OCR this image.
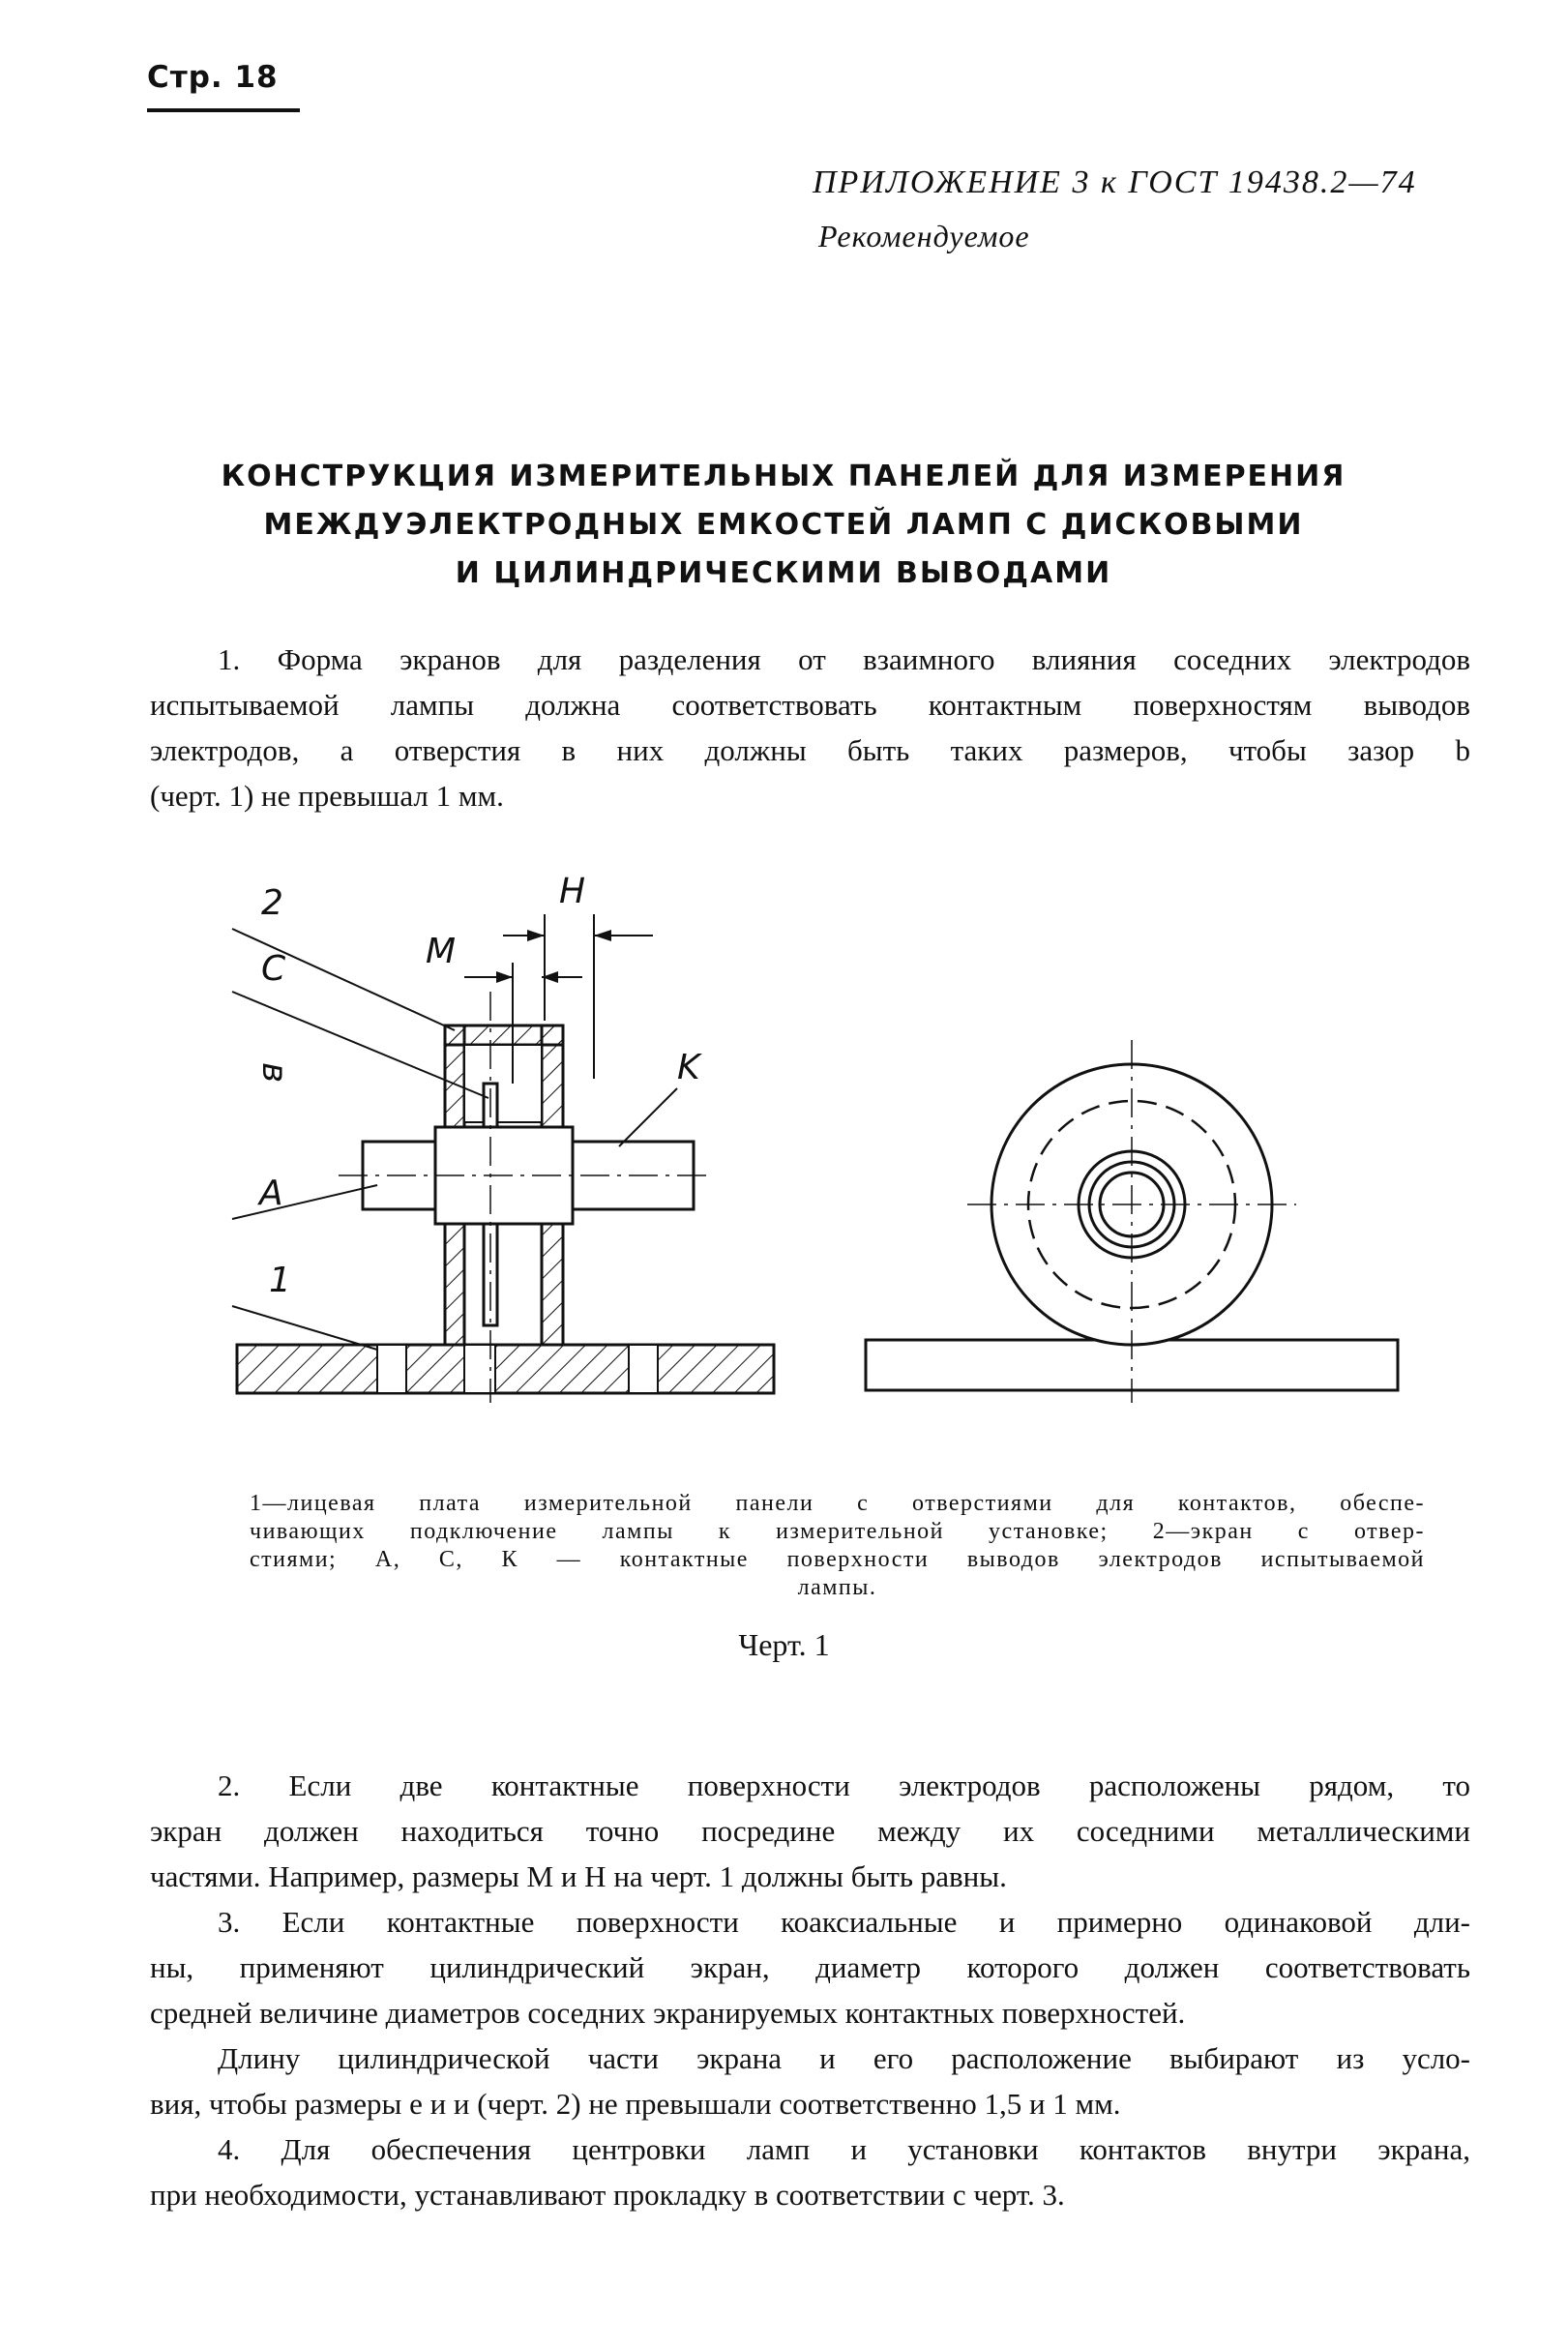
Стр. 18
ПРИЛОЖЕНИЕ 3 к ГОСТ 19438.2—74
Рекомендуемое
КОНСТРУКЦИЯ ИЗМЕРИТЕЛЬНЫХ ПАНЕЛЕЙ ДЛЯ ИЗМЕРЕНИЯ
МЕЖДУЭЛЕКТРОДНЫХ ЕМКОСТЕЙ ЛАМП С ДИСКОВЫМИ
И ЦИЛИНДРИЧЕСКИМИ ВЫВОДАМИ
1. Форма экранов для разделения от взаимного влияния соседних электродов
испытываемой лампы должна соответствовать контактным поверхностям выводов
электродов, а отверстия в них должны быть таких размеров, чтобы зазор b
(черт. 1) не превышал 1 мм.
2
C	M
H
в	K
A
1
1—лицевая плата измерительной панели с отверстиями для контактов, обеспе-
чивающих подключение лампы к измерительной установке; 2—экран с отвер-
стиями; А, С, К — контактные поверхности выводов электродов испытываемой
лампы.
Черт. 1
2. Если две контактные поверхности электродов расположены рядом, то
экран должен находиться точно посредине между их соседними металлическими
частями. Например, размеры М и Н на черт. 1 должны быть равны.
3. Если контактные поверхности коаксиальные и примерно одинаковой дли-
ны, применяют цилиндрический экран, диаметр которого должен соответствовать
средней величине диаметров соседних экранируемых контактных поверхностей.
Длину цилиндрической части экрана и его расположение выбирают из усло-
вия, чтобы размеры е и и (черт. 2) не превышали соответственно 1,5 и 1 мм.
4. Для обеспечения центровки ламп и установки контактов внутри экрана,
при необходимости, устанавливают прокладку в соответствии с черт. 3.
